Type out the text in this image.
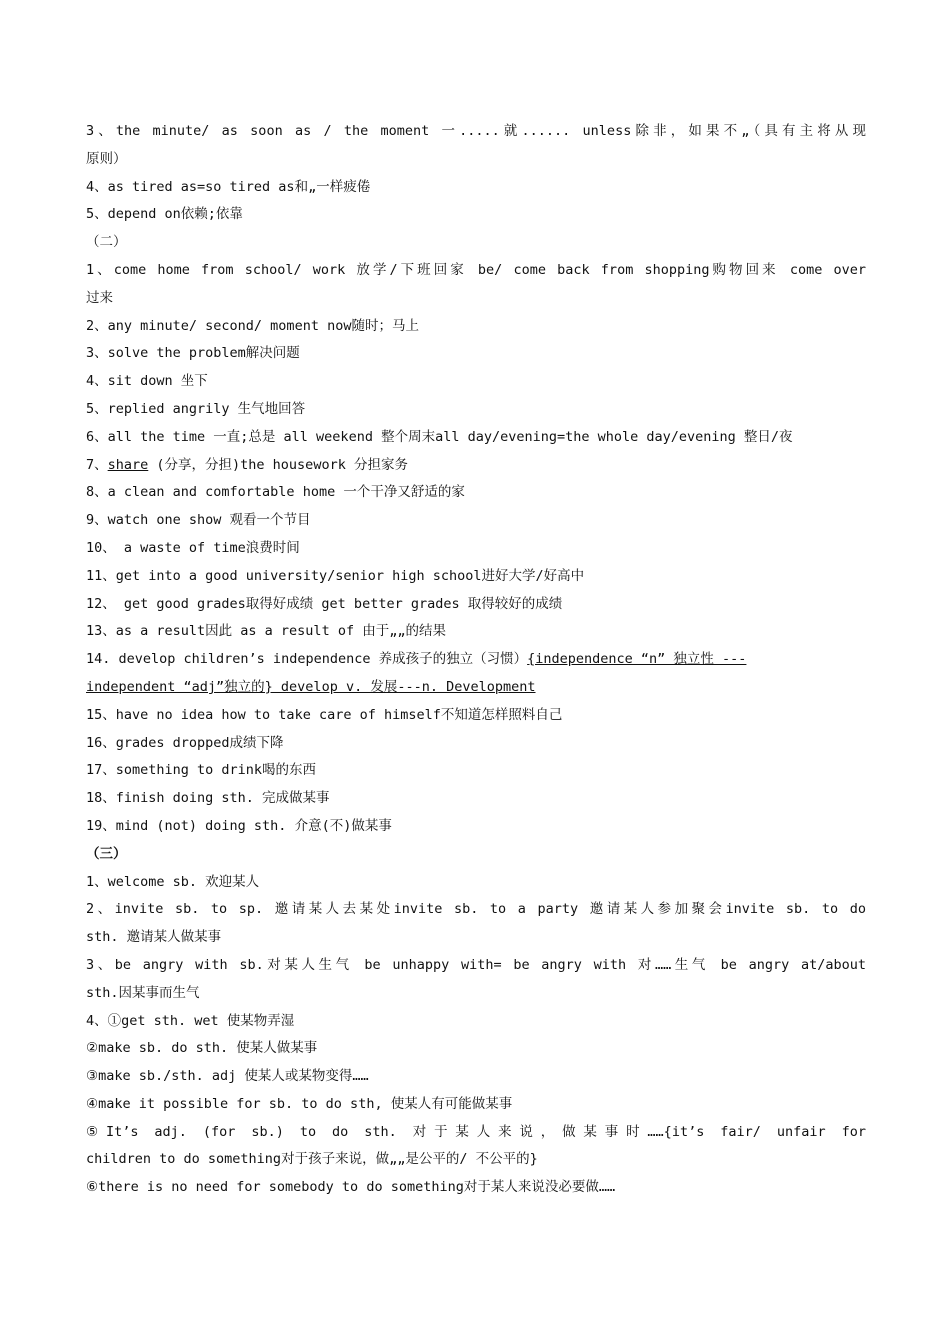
3、the minute/ as soon as / the moment 一.....就...... unless除非，如果不„（具有主将从现
原则）
4、as tired as=so tired as和„一样疲倦
5、depend on依赖;依靠
（二）
1、come home from school/ work 放学/下班回家 be/ come back from shopping购物回来 come over
过来
2、any minute/ second/ moment now随时；马上
3、solve the problem解决问题
4、sit down 坐下
5、replied angrily 生气地回答
6、all the time 一直;总是 all weekend 整个周末all day/evening=the whole day/evening 整日/夜
7、share (分享，分担)the housework 分担家务
8、a clean and comfortable home 一个干净又舒适的家
9、watch one show 观看一个节目
10、 a waste of time浪费时间
11、get into a good university/senior high school进好大学/好高中
12、 get good grades取得好成绩 get better grades 取得较好的成绩
13、as a result因此 as a result of 由于„„的结果
14. develop children’s independence 养成孩子的独立（习惯）{independence “n” 独立性 ---
independent “adj”独立的} develop v. 发展---n. Development
15、have no idea how to take care of himself不知道怎样照料自己
16、grades dropped成绩下降
17、something to drink喝的东西
18、finish doing sth. 完成做某事
19、mind (not) doing sth. 介意(不)做某事
（三）
1、welcome sb. 欢迎某人
2、invite sb. to sp. 邀请某人去某处invite sb. to a party 邀请某人参加聚会invite sb. to do
sth. 邀请某人做某事
3、be angry with sb.对某人生气 be unhappy with= be angry with 对……生气 be angry at/about
sth.因某事而生气
4、①get sth. wet 使某物弄湿
②make sb. do sth. 使某人做某事
③make sb./sth. adj 使某人或某物变得……
④make it possible for sb. to do sth, 使某人有可能做某事
⑤It’s adj. (for sb.) to do sth. 对于某人来说，做某事时……{it’s fair/ unfair for
children to do something对于孩子来说，做„„是公平的/ 不公平的}
⑥there is no need for somebody to do something对于某人来说没必要做……
